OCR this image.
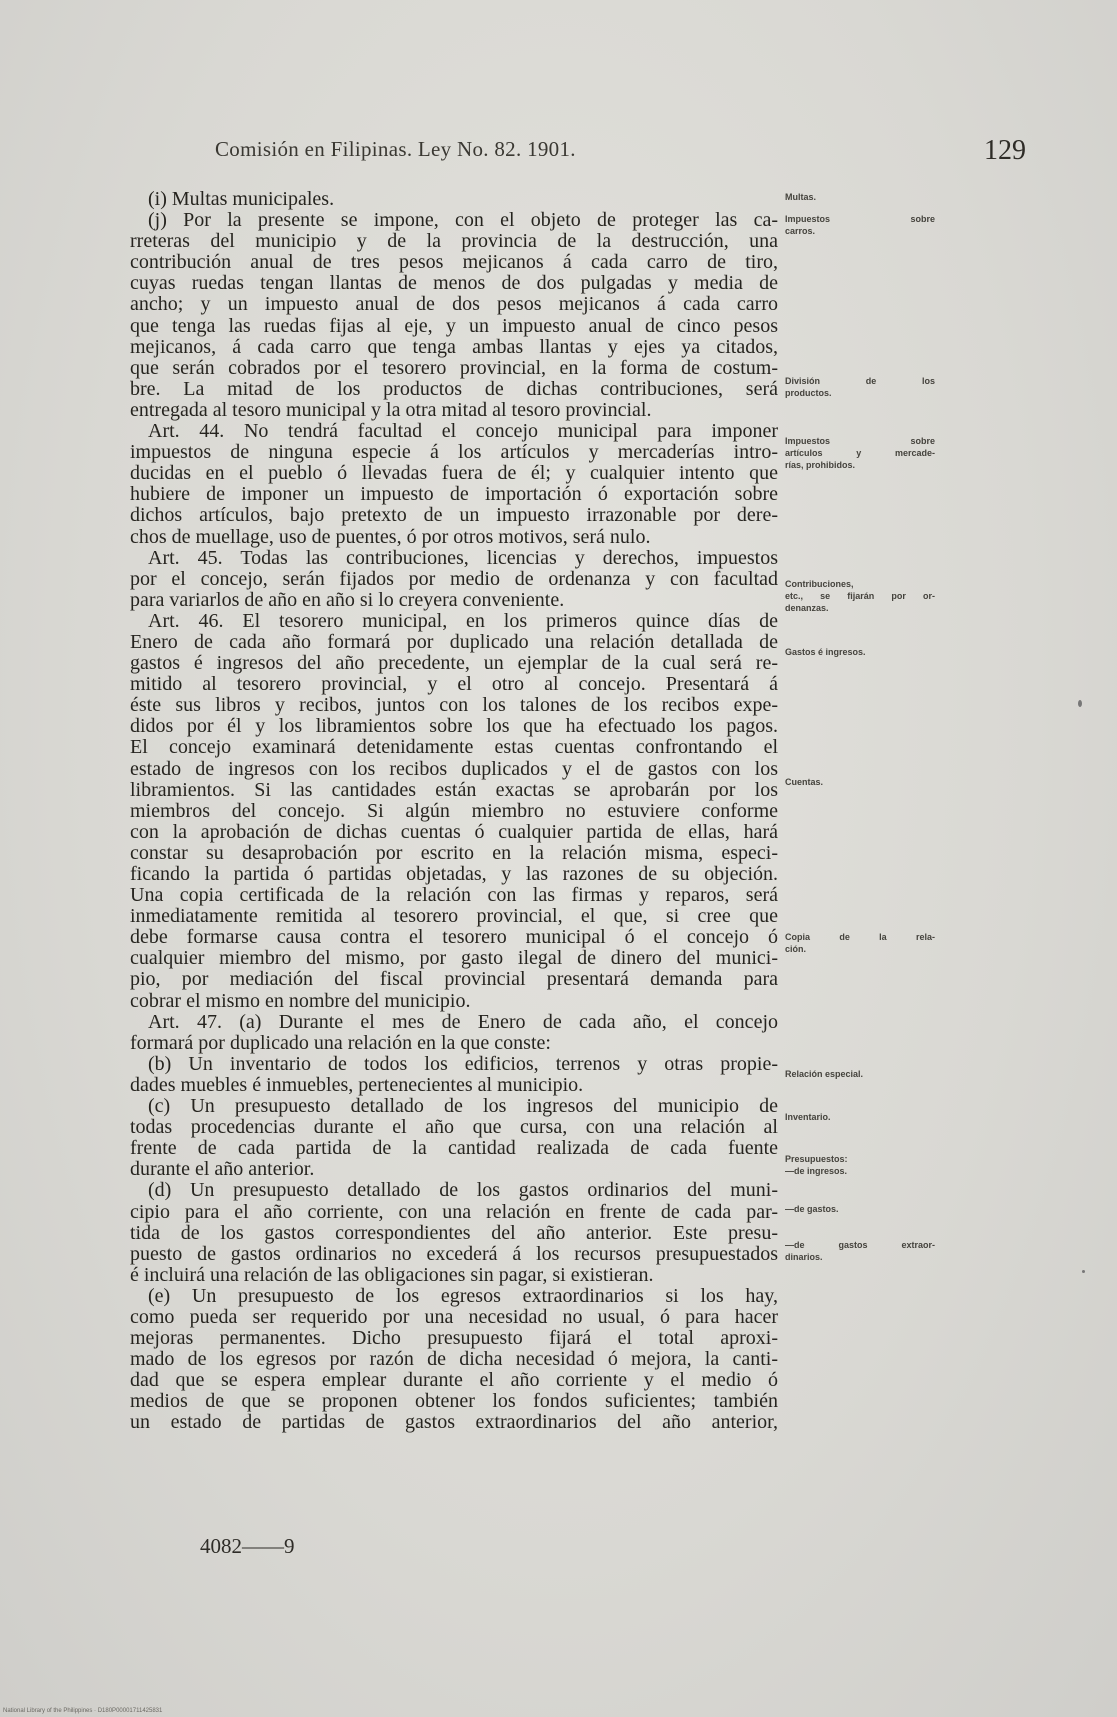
Comisión en Filipinas. Ley No. 82. 1901.	129
(i) Multas municipales.
(j) Por la presente se impone, con el objeto de proteger las ca-
rreteras del municipio y de la provincia de la destrucción, una
contribución anual de tres pesos mejicanos á cada carro de tiro,
cuyas ruedas tengan llantas de menos de dos pulgadas y media de
ancho; y un impuesto anual de dos pesos mejicanos á cada carro
que tenga las ruedas fijas al eje, y un impuesto anual de cinco pesos
mejicanos, á cada carro que tenga ambas llantas y ejes ya citados,
que serán cobrados por el tesorero provincial, en la forma de costum-
bre. La mitad de los productos de dichas contribuciones, será
entregada al tesoro municipal y la otra mitad al tesoro provincial.
Art. 44. No tendrá facultad el concejo municipal para imponer
impuestos de ninguna especie á los artículos y mercaderías intro-
ducidas en el pueblo ó llevadas fuera de él; y cualquier intento que
hubiere de imponer un impuesto de importación ó exportación sobre
dichos artículos, bajo pretexto de un impuesto irrazonable por dere-
chos de muellage, uso de puentes, ó por otros motivos, será nulo.
Art. 45. Todas las contribuciones, licencias y derechos, impuestos
por el concejo, serán fijados por medio de ordenanza y con facultad
para variarlos de año en año si lo creyera conveniente.
Art. 46. El tesorero municipal, en los primeros quince días de
Enero de cada año formará por duplicado una relación detallada de
gastos é ingresos del año precedente, un ejemplar de la cual será re-
mitido al tesorero provincial, y el otro al concejo. Presentará á
éste sus libros y recibos, juntos con los talones de los recibos expe-
didos por él y los libramientos sobre los que ha efectuado los pagos.
El concejo examinará detenidamente estas cuentas confrontando el
estado de ingresos con los recibos duplicados y el de gastos con los
libramientos. Si las cantidades están exactas se aprobarán por los
miembros del concejo. Si algún miembro no estuviere conforme
con la aprobación de dichas cuentas ó cualquier partida de ellas, hará
constar su desaprobación por escrito en la relación misma, especi-
ficando la partida ó partidas objetadas, y las razones de su objeción.
Una copia certificada de la relación con las firmas y reparos, será
inmediatamente remitida al tesorero provincial, el que, si cree que
debe formarse causa contra el tesorero municipal ó el concejo ó
cualquier miembro del mismo, por gasto ilegal de dinero del munici-
pio, por mediación del fiscal provincial presentará demanda para
cobrar el mismo en nombre del municipio.
Art. 47. (a) Durante el mes de Enero de cada año, el concejo
formará por duplicado una relación en la que conste:
(b) Un inventario de todos los edificios, terrenos y otras propie-
dades muebles é inmuebles, pertenecientes al municipio.
(c) Un presupuesto detallado de los ingresos del municipio de
todas procedencias durante el año que cursa, con una relación al
frente de cada partida de la cantidad realizada de cada fuente
durante el año anterior.
(d) Un presupuesto detallado de los gastos ordinarios del muni-
cipio para el año corriente, con una relación en frente de cada par-
tida de los gastos correspondientes del año anterior. Este presu-
puesto de gastos ordinarios no excederá á los recursos presupuestados
é incluirá una relación de las obligaciones sin pagar, si existieran.
(e) Un presupuesto de los egresos extraordinarios si los hay,
como pueda ser requerido por una necesidad no usual, ó para hacer
mejoras permanentes. Dicho presupuesto fijará el total aproxi-
mado de los egresos por razón de dicha necesidad ó mejora, la canti-
dad que se espera emplear durante el año corriente y el medio ó
medios de que se proponen obtener los fondos suficientes; también
un estado de partidas de gastos extraordinarios del año anterior,
Multas.
Impuestos sobre
carros.
División de los
productos.
Impuestos sobre
artículos y mercade-
rías, prohibidos.
Contribuciones,
etc., se fijarán por or-
denanzas.
Gastos é ingresos.
Cuentas.
Copia de la rela-
ción.
Relación especial.
Inventario.
Presupuestos:
—de ingresos.
—de gastos.
—de gastos extraor-
dinarios.
4082——9
National Library of the Philippines · D180P00001711425831
